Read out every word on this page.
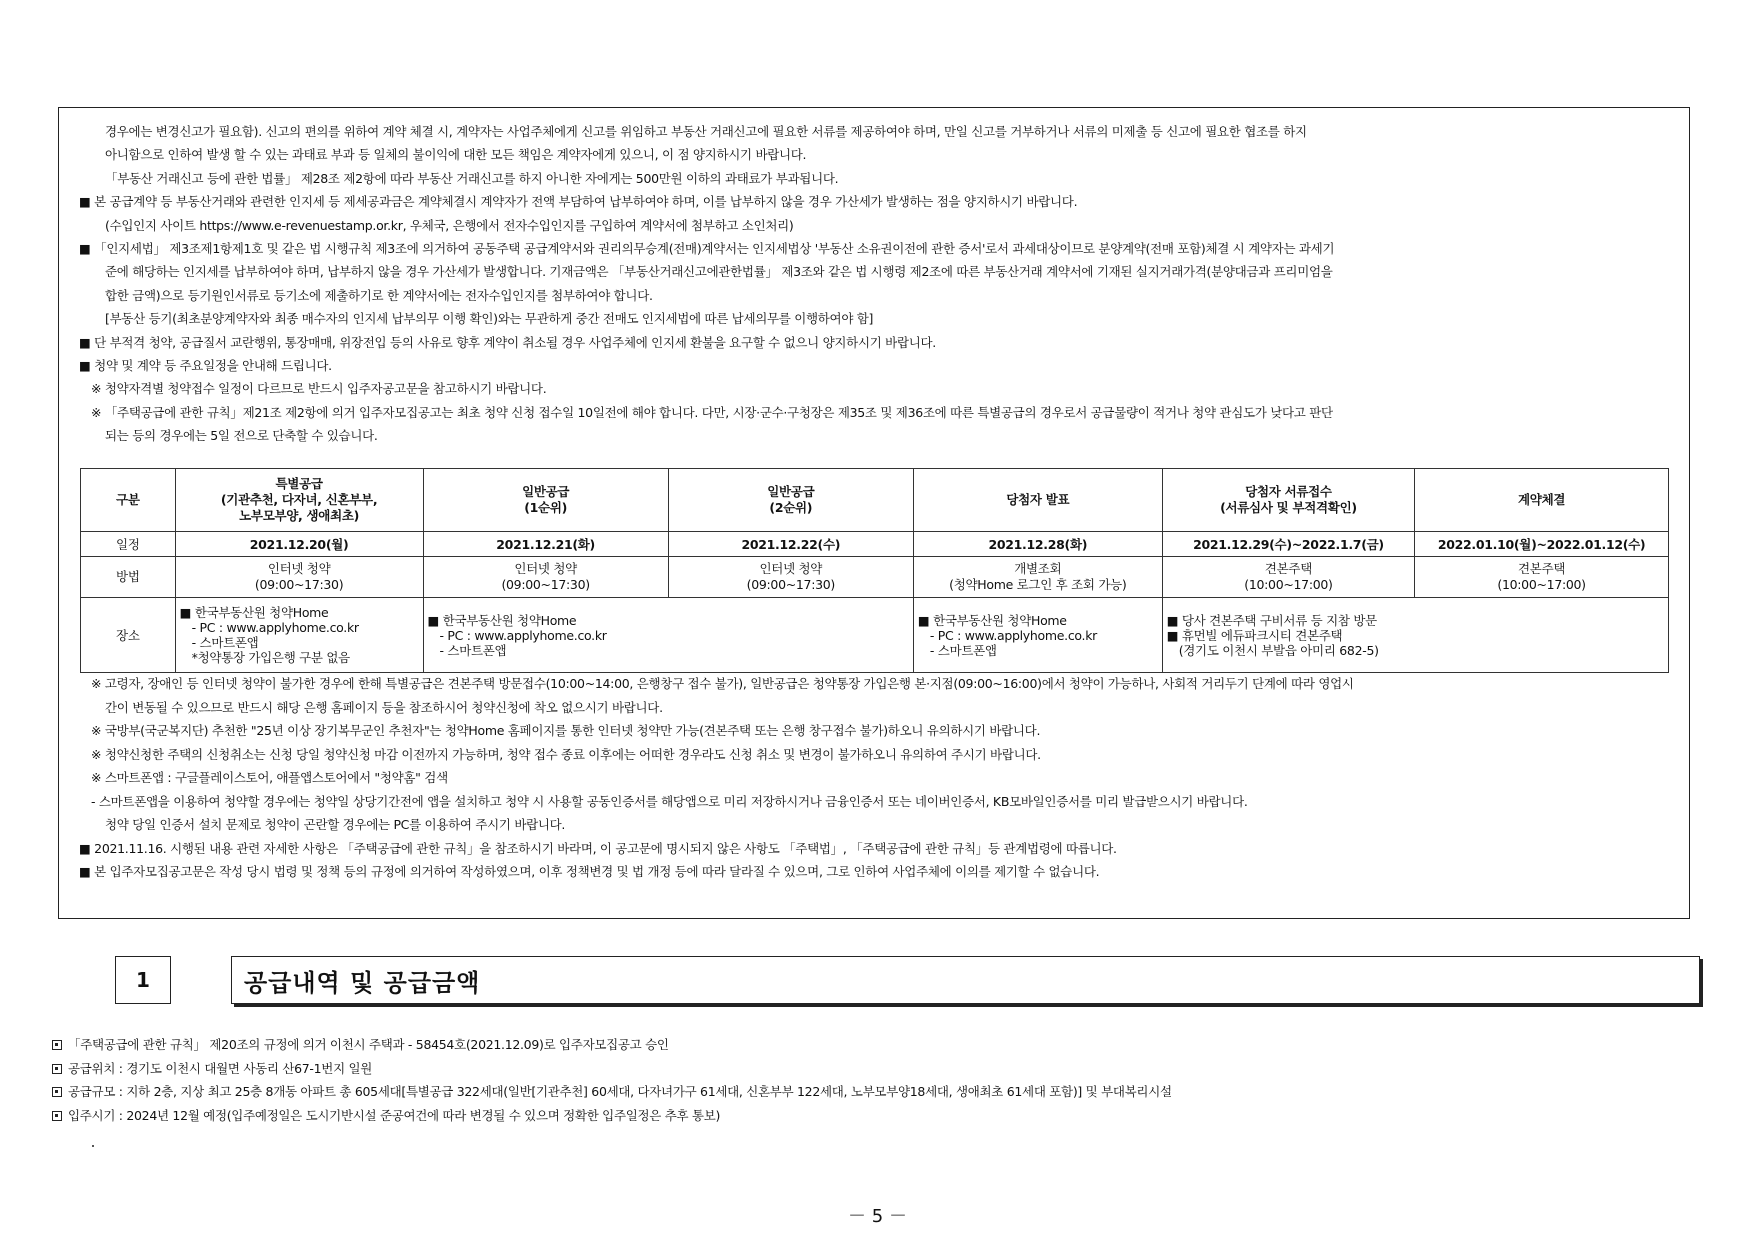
경우에는 변경신고가 필요함). 신고의 편의를 위하여 계약 체결 시, 계약자는 사업주체에게 신고를 위임하고 부동산 거래신고에 필요한 서류를 제공하여야 하며, 만일 신고를 거부하거나 서류의 미제출 등 신고에 필요한 협조를 하지
아니함으로 인하여 발생 할 수 있는 과태료 부과 등 일체의 불이익에 대한 모든 책임은 계약자에게 있으니, 이 점 양지하시기 바랍니다.
「부동산 거래신고 등에 관한 법률」 제28조 제2항에 따라 부동산 거래신고를 하지 아니한 자에게는 500만원 이하의 과태료가 부과됩니다.
■ 본 공급계약 등 부동산거래와 관련한 인지세 등 제세공과금은 계약체결시 계약자가 전액 부담하여 납부하여야 하며, 이를 납부하지 않을 경우 가산세가 발생하는 점을 양지하시기 바랍니다.
(수입인지 사이트 https://www.e-revenuestamp.or.kr, 우체국, 은행에서 전자수입인지를 구입하여 계약서에 첨부하고 소인처리)
■ 「인지세법」 제3조제1항제1호 및 같은 법 시행규칙 제3조에 의거하여 공동주택 공급계약서와 권리의무승계(전매)계약서는 인지세법상 '부동산 소유권이전에 관한 증서'로서 과세대상이므로 분양계약(전매 포함)체결 시 계약자는 과세기
준에 해당하는 인지세를 납부하여야 하며, 납부하지 않을 경우 가산세가 발생합니다. 기재금액은 「부동산거래신고에관한법률」 제3조와 같은 법 시행령 제2조에 따른 부동산거래 계약서에 기재된 실지거래가격(분양대금과 프리미엄을
합한 금액)으로 등기원인서류로 등기소에 제출하기로 한 계약서에는 전자수입인지를 첨부하여야 합니다.
[부동산 등기(최초분양계약자와 최종 매수자의 인지세 납부의무 이행 확인)와는 무관하게 중간 전매도 인지세법에 따른 납세의무를 이행하여야 함]
■ 단 부적격 청약, 공급질서 교란행위, 통장매매, 위장전입 등의 사유로 향후 계약이 취소될 경우 사업주체에 인지세 환불을 요구할 수 없으니 양지하시기 바랍니다.
■ 청약 및 계약 등 주요일정을 안내해 드립니다.
※ 청약자격별 청약접수 일정이 다르므로 반드시 입주자공고문을 참고하시기 바랍니다.
※ 「주택공급에 관한 규칙」제21조 제2항에 의거 입주자모집공고는 최초 청약 신청 접수일 10일전에 해야 합니다. 다만, 시장·군수·구청장은 제35조 및 제36조에 따른 특별공급의 경우로서 공급물량이 적거나 청약 관심도가 낮다고 판단
되는 등의 경우에는 5일 전으로 단축할 수 있습니다.
구분	특별공급
(기관추천, 다자녀, 신혼부부,
노부모부양, 생애최초)	일반공급
(1순위)	일반공급
(2순위)	당첨자 발표	당첨자 서류접수
(서류심사 및 부적격확인)	계약체결

일정	2021.12.20(월)	2021.12.21(화)	2021.12.22(수)	2021.12.28(화)	2021.12.29(수)~2022.1.7(금)	2022.01.10(월)~2022.01.12(수)
방법	인터넷 청약
(09:00~17:30)	인터넷 청약
(09:00~17:30)	인터넷 청약
(09:00~17:30)	개별조회
(청약Home 로그인 후 조회 가능)	견본주택
(10:00~17:00)	견본주택
(10:00~17:00)

장소	■ 한국부동산원 청약Home
- PC : www.applyhome.co.kr
- 스마트폰앱
*청약통장 가입은행 구분 없음	■ 한국부동산원 청약Home
- PC : www.applyhome.co.kr
- 스마트폰앱		■ 한국부동산원 청약Home
- PC : www.applyhome.co.kr
- 스마트폰앱	■ 당사 견본주택 구비서류 등 지참 방문
■ 휴먼빌 에듀파크시티 견본주택
(경기도 이천시 부발읍 아미리 682-5)	
※ 고령자, 장애인 등 인터넷 청약이 불가한 경우에 한해 특별공급은 견본주택 방문접수(10:00~14:00, 은행창구 접수 불가), 일반공급은 청약통장 가입은행 본·지점(09:00~16:00)에서 청약이 가능하나, 사회적 거리두기 단계에 따라 영업시
간이 변동될 수 있으므로 반드시 해당 은행 홈페이지 등을 참조하시어 청약신청에 착오 없으시기 바랍니다.
※ 국방부(국군복지단) 추천한 "25년 이상 장기복무군인 추천자"는 청약Home 홈페이지를 통한 인터넷 청약만 가능(견본주택 또는 은행 창구접수 불가)하오니 유의하시기 바랍니다.
※ 청약신청한 주택의 신청취소는 신청 당일 청약신청 마감 이전까지 가능하며, 청약 접수 종료 이후에는 어떠한 경우라도 신청 취소 및 변경이 불가하오니 유의하여 주시기 바랍니다.
※ 스마트폰앱 : 구글플레이스토어, 애플앱스토어에서 "청약홈" 검색
- 스마트폰앱을 이용하여 청약할 경우에는 청약일 상당기간전에 앱을 설치하고 청약 시 사용할 공동인증서를 해당앱으로 미리 저장하시거나 금융인증서 또는 네이버인증서, KB모바일인증서를 미리 발급받으시기 바랍니다.
청약 당일 인증서 설치 문제로 청약이 곤란할 경우에는 PC를 이용하여 주시기 바랍니다.
■ 2021.11.16. 시행된 내용 관련 자세한 사항은 「주택공급에 관한 규칙」을 참조하시기 바라며, 이 공고문에 명시되지 않은 사항도 「주택법」, 「주택공급에 관한 규칙」등 관계법령에 따릅니다.
■ 본 입주자모집공고문은 작성 당시 법령 및 정책 등의 규정에 의거하여 작성하였으며, 이후 정책변경 및 법 개정 등에 따라 달라질 수 있으며, 그로 인하여 사업주체에 이의를 제기할 수 없습니다.
1	공급내역 및 공급금액
「주택공급에 관한 규칙」 제20조의 규정에 의거 이천시 주택과 - 58454호(2021.12.09)로 입주자모집공고 승인
공급위치 : 경기도 이천시 대월면 사동리 산67-1번지 일원
공급규모 : 지하 2층, 지상 최고 25층 8개동 아파트 총 605세대[특별공급 322세대(일반[기관추천] 60세대, 다자녀가구 61세대, 신혼부부 122세대, 노부모부양18세대, 생애최초 61세대 포함)] 및 부대복리시설
입주시기 : 2024년 12월 예정(입주예정일은 도시기반시설 준공여건에 따라 변경될 수 있으며 정확한 입주일정은 추후 통보)
－ 5 －
